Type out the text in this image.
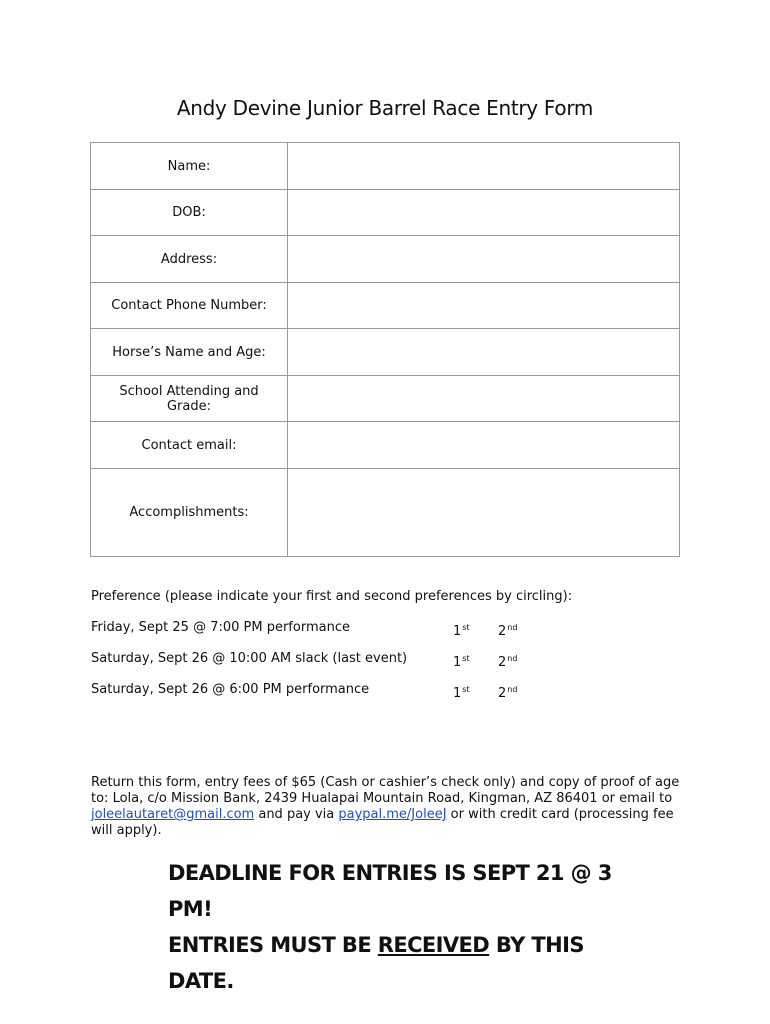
Andy Devine Junior Barrel Race Entry Form
Name:	
DOB:	
Address:	
Contact Phone Number:	
Horse’s Name and Age:	
School Attending and Grade:	
Contact email:	
Accomplishments:	
Preference (please indicate your first and second preferences by circling):
Friday, Sept 25 @ 7:00 PM performance	1st 2nd
Saturday, Sept 26 @ 10:00 AM slack (last event)	1st 2nd
Saturday, Sept 26 @ 6:00 PM performance	1st 2nd
Return this form, entry fees of $65 (Cash or cashier’s check only) and copy of proof of age to: Lola, c/o Mission Bank, 2439 Hualapai Mountain Road, Kingman, AZ 86401 or email to joleelautaret@gmail.com and pay via paypal.me/JoleeJ or with credit card (processing fee will apply).
DEADLINE FOR ENTRIES IS SEPT 21 @ 3 PM!
ENTRIES MUST BE RECEIVED BY THIS DATE.
